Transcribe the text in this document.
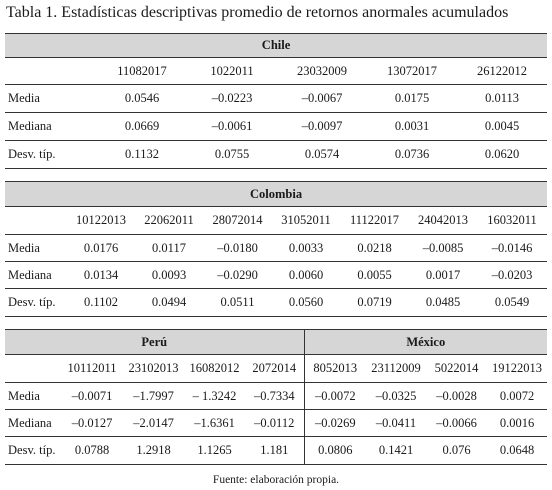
Tabla 1. Estadísticas descriptivas promedio de retornos anormales acumulados
Chile					
	11082017	1022011	23032009	13072017	26122012
Media	0.0546	–0.0223	–0.0067	0.0175	0.0113
Mediana	0.0669	–0.0061	–0.0097	0.0031	0.0045
Desv. típ.	0.1132	0.0755	0.0574	0.0736	0.0620
Colombia							
	10122013	22062011	28072014	31052011	11122017	24042013	16032011
Media	0.0176	0.0117	–0.0180	0.0033	0.0218	–0.0085	–0.0146
Mediana	0.0134	0.0093	–0.0290	0.0060	0.0055	0.0017	–0.0203
Desv. típ.	0.1102	0.0494	0.0511	0.0560	0.0719	0.0485	0.0549
Perú					México			
	10112011	23102013	16082012	2072014	8052013	23112009	5022014	19122013
Media	–0.0071	–1.7997	– 1.3242	–0.7334	–0.0072	–0.0325	–0.0028	0.0072
Mediana	–0.0127	–2.0147	–1.6361	–0.0112	–0.0269	–0.0411	–0.0066	0.0016
Desv. típ.	0.0788	1.2918	1.1265	1.181	0.0806	0.1421	0.076	0.0648
Fuente: elaboración propia.
